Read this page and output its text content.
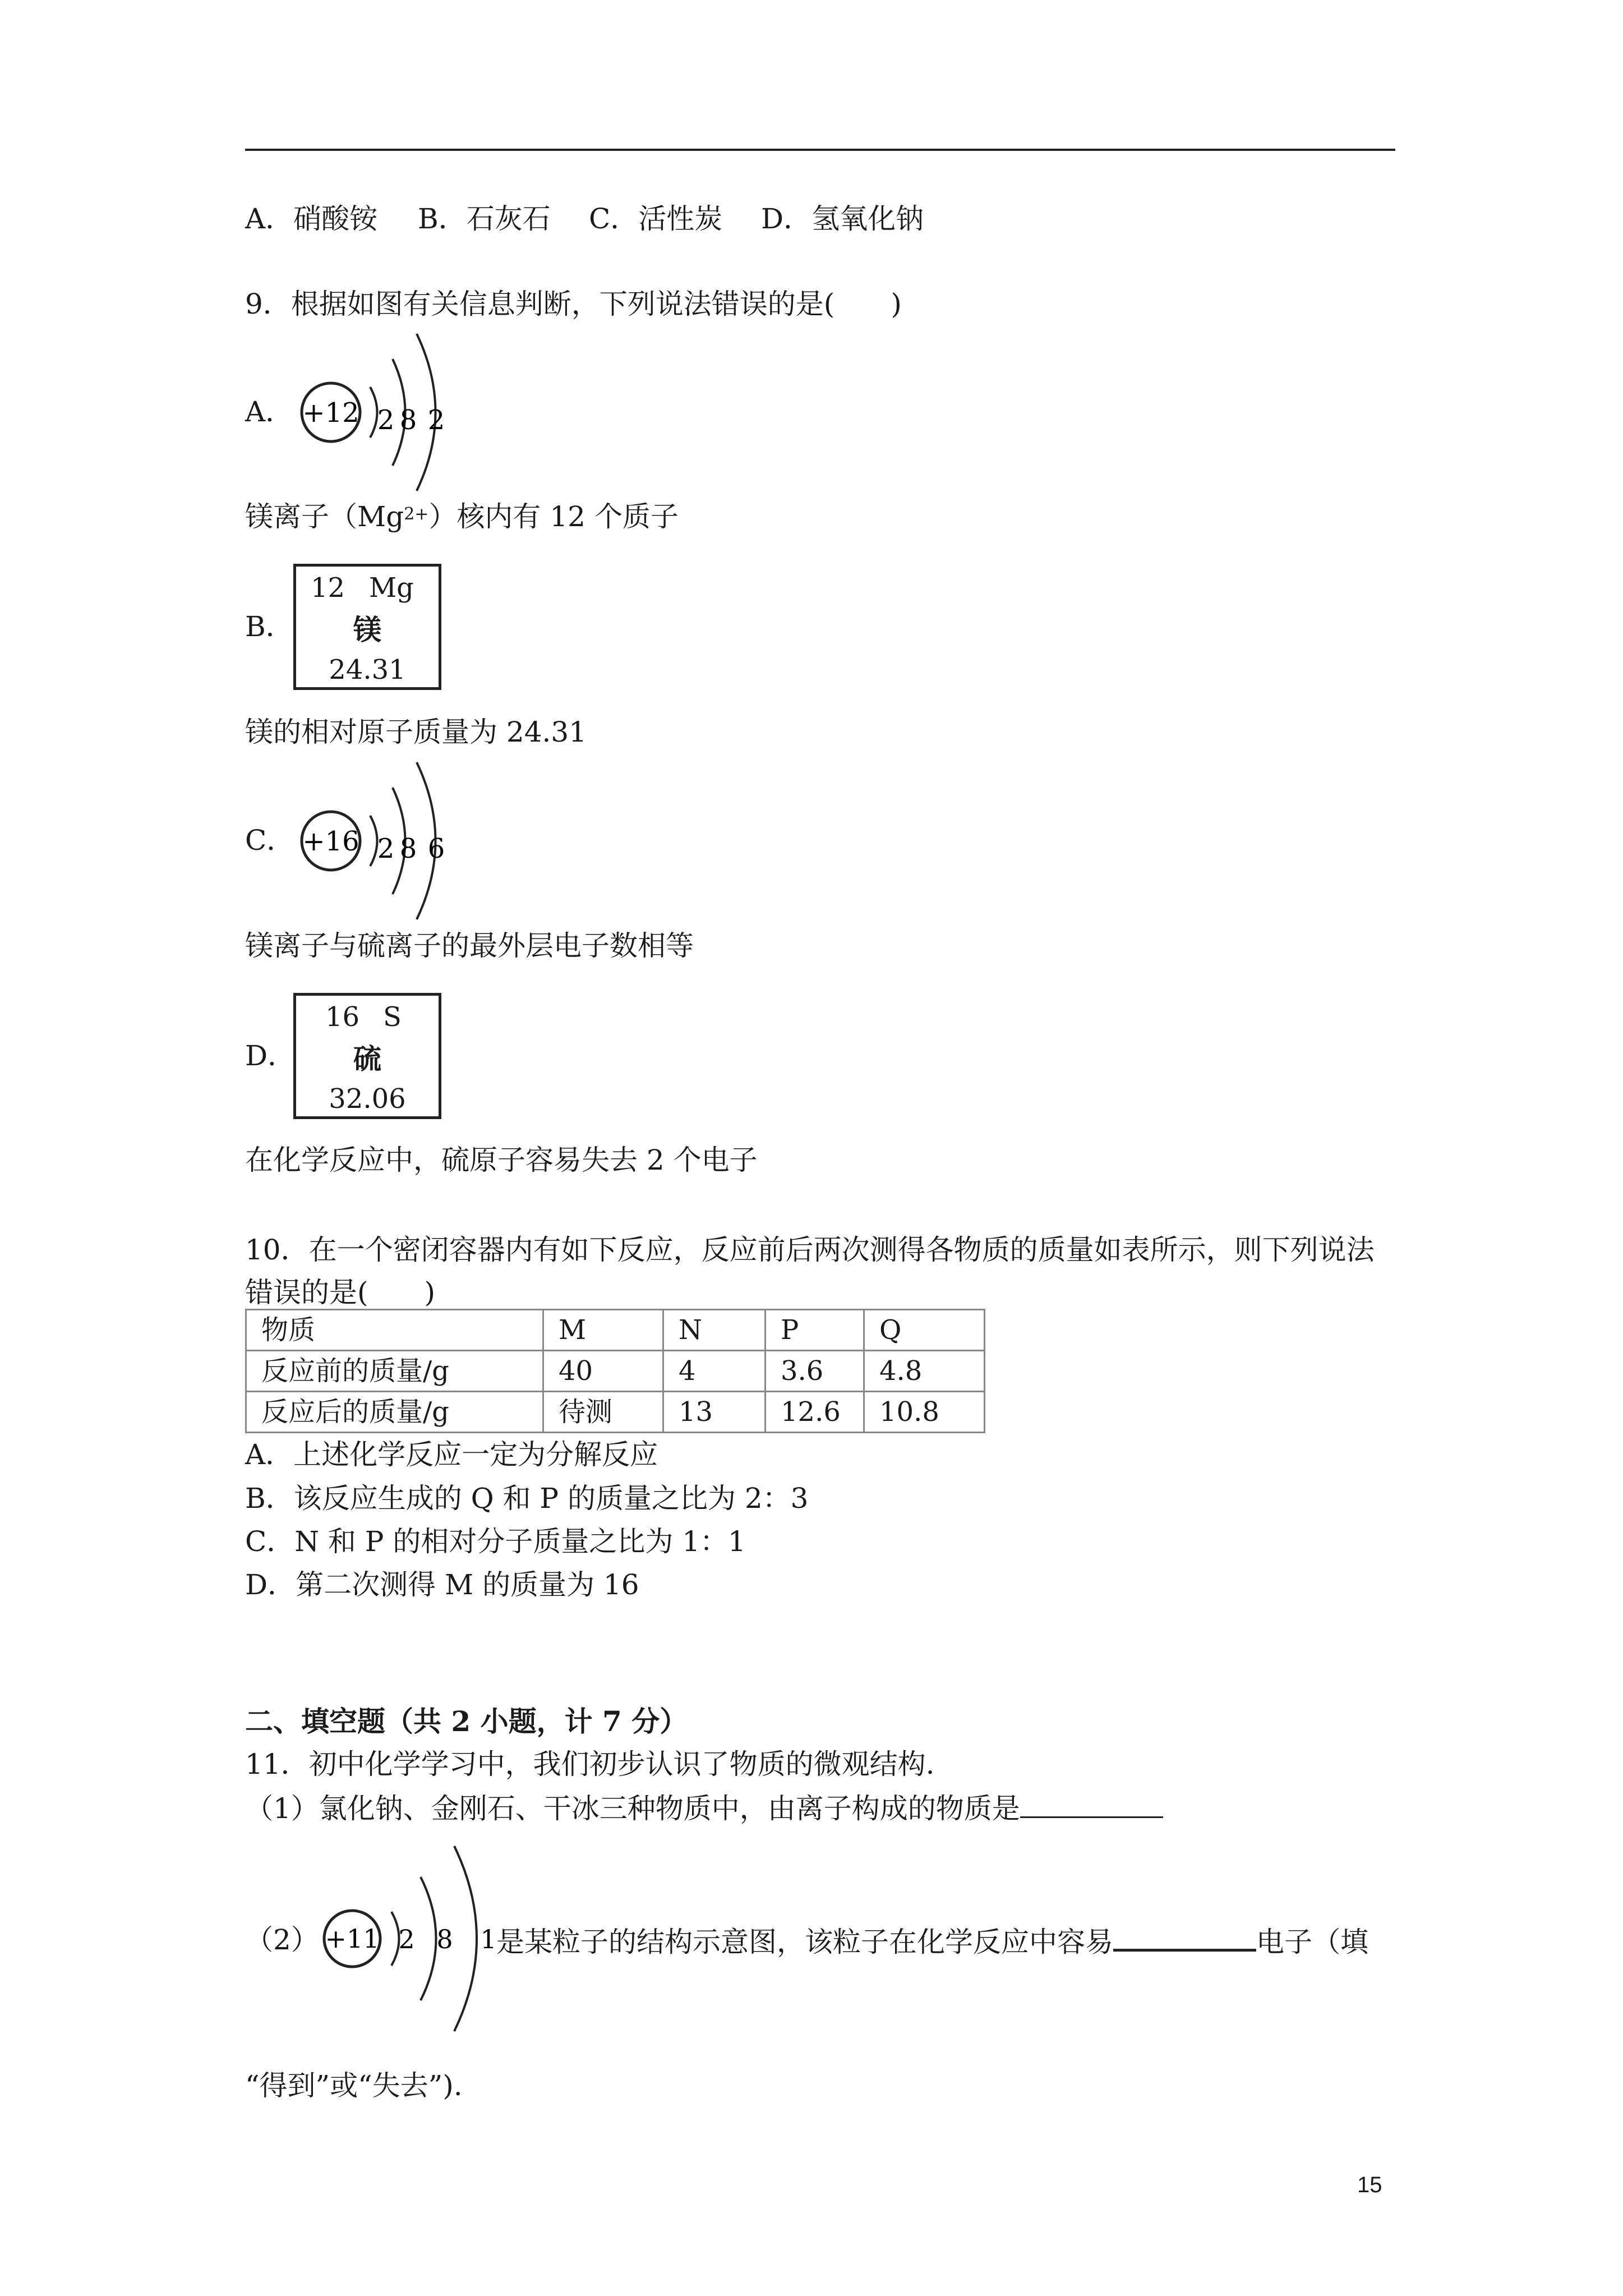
A．硝酸铵 B．石灰石 C．活性炭 D．氢氧化钠
9．根据如图有关信息判断，下列说法错误的是(　　)
A． +12 2 8 2
镁离子$(Mg^{2+})$核内有 12 个质子
B．
12 Mg
镁
24.31
镁的相对原子质量为 24.31
C． +16 2 8 6
镁离子与硫离子的最外层电子数相等
D．
16 S
硫
32.06
在化学反应中，硫原子容易失去 2 个电子
10．在一个密闭容器内有如下反应，反应前后两次测得各物质的质量如表所示，则下列说法
错误的是(　　)
物质	M	N	P	Q
反应前的质量/g	40	4	3.6	4.8
反应后的质量/g	待测	13	12.6	10.8
A．上述化学反应一定为分解反应
B．该反应生成的 Q 和 P 的质量之比为 2：3
C．N 和 P 的相对分子质量之比为 1：1
D．第二次测得 M 的质量为 16
二、填空题（共 2 小题，计 7 分）
11．初中化学学习中，我们初步认识了物质的微观结构.
（1）氯化钠、金刚石、干冰三种物质中，由离子构成的物质是
（2） +11 2 8 1 是某粒子的结构示意图，该粒子在化学反应中容易	电子（填
“得到”或“失去”).
15
